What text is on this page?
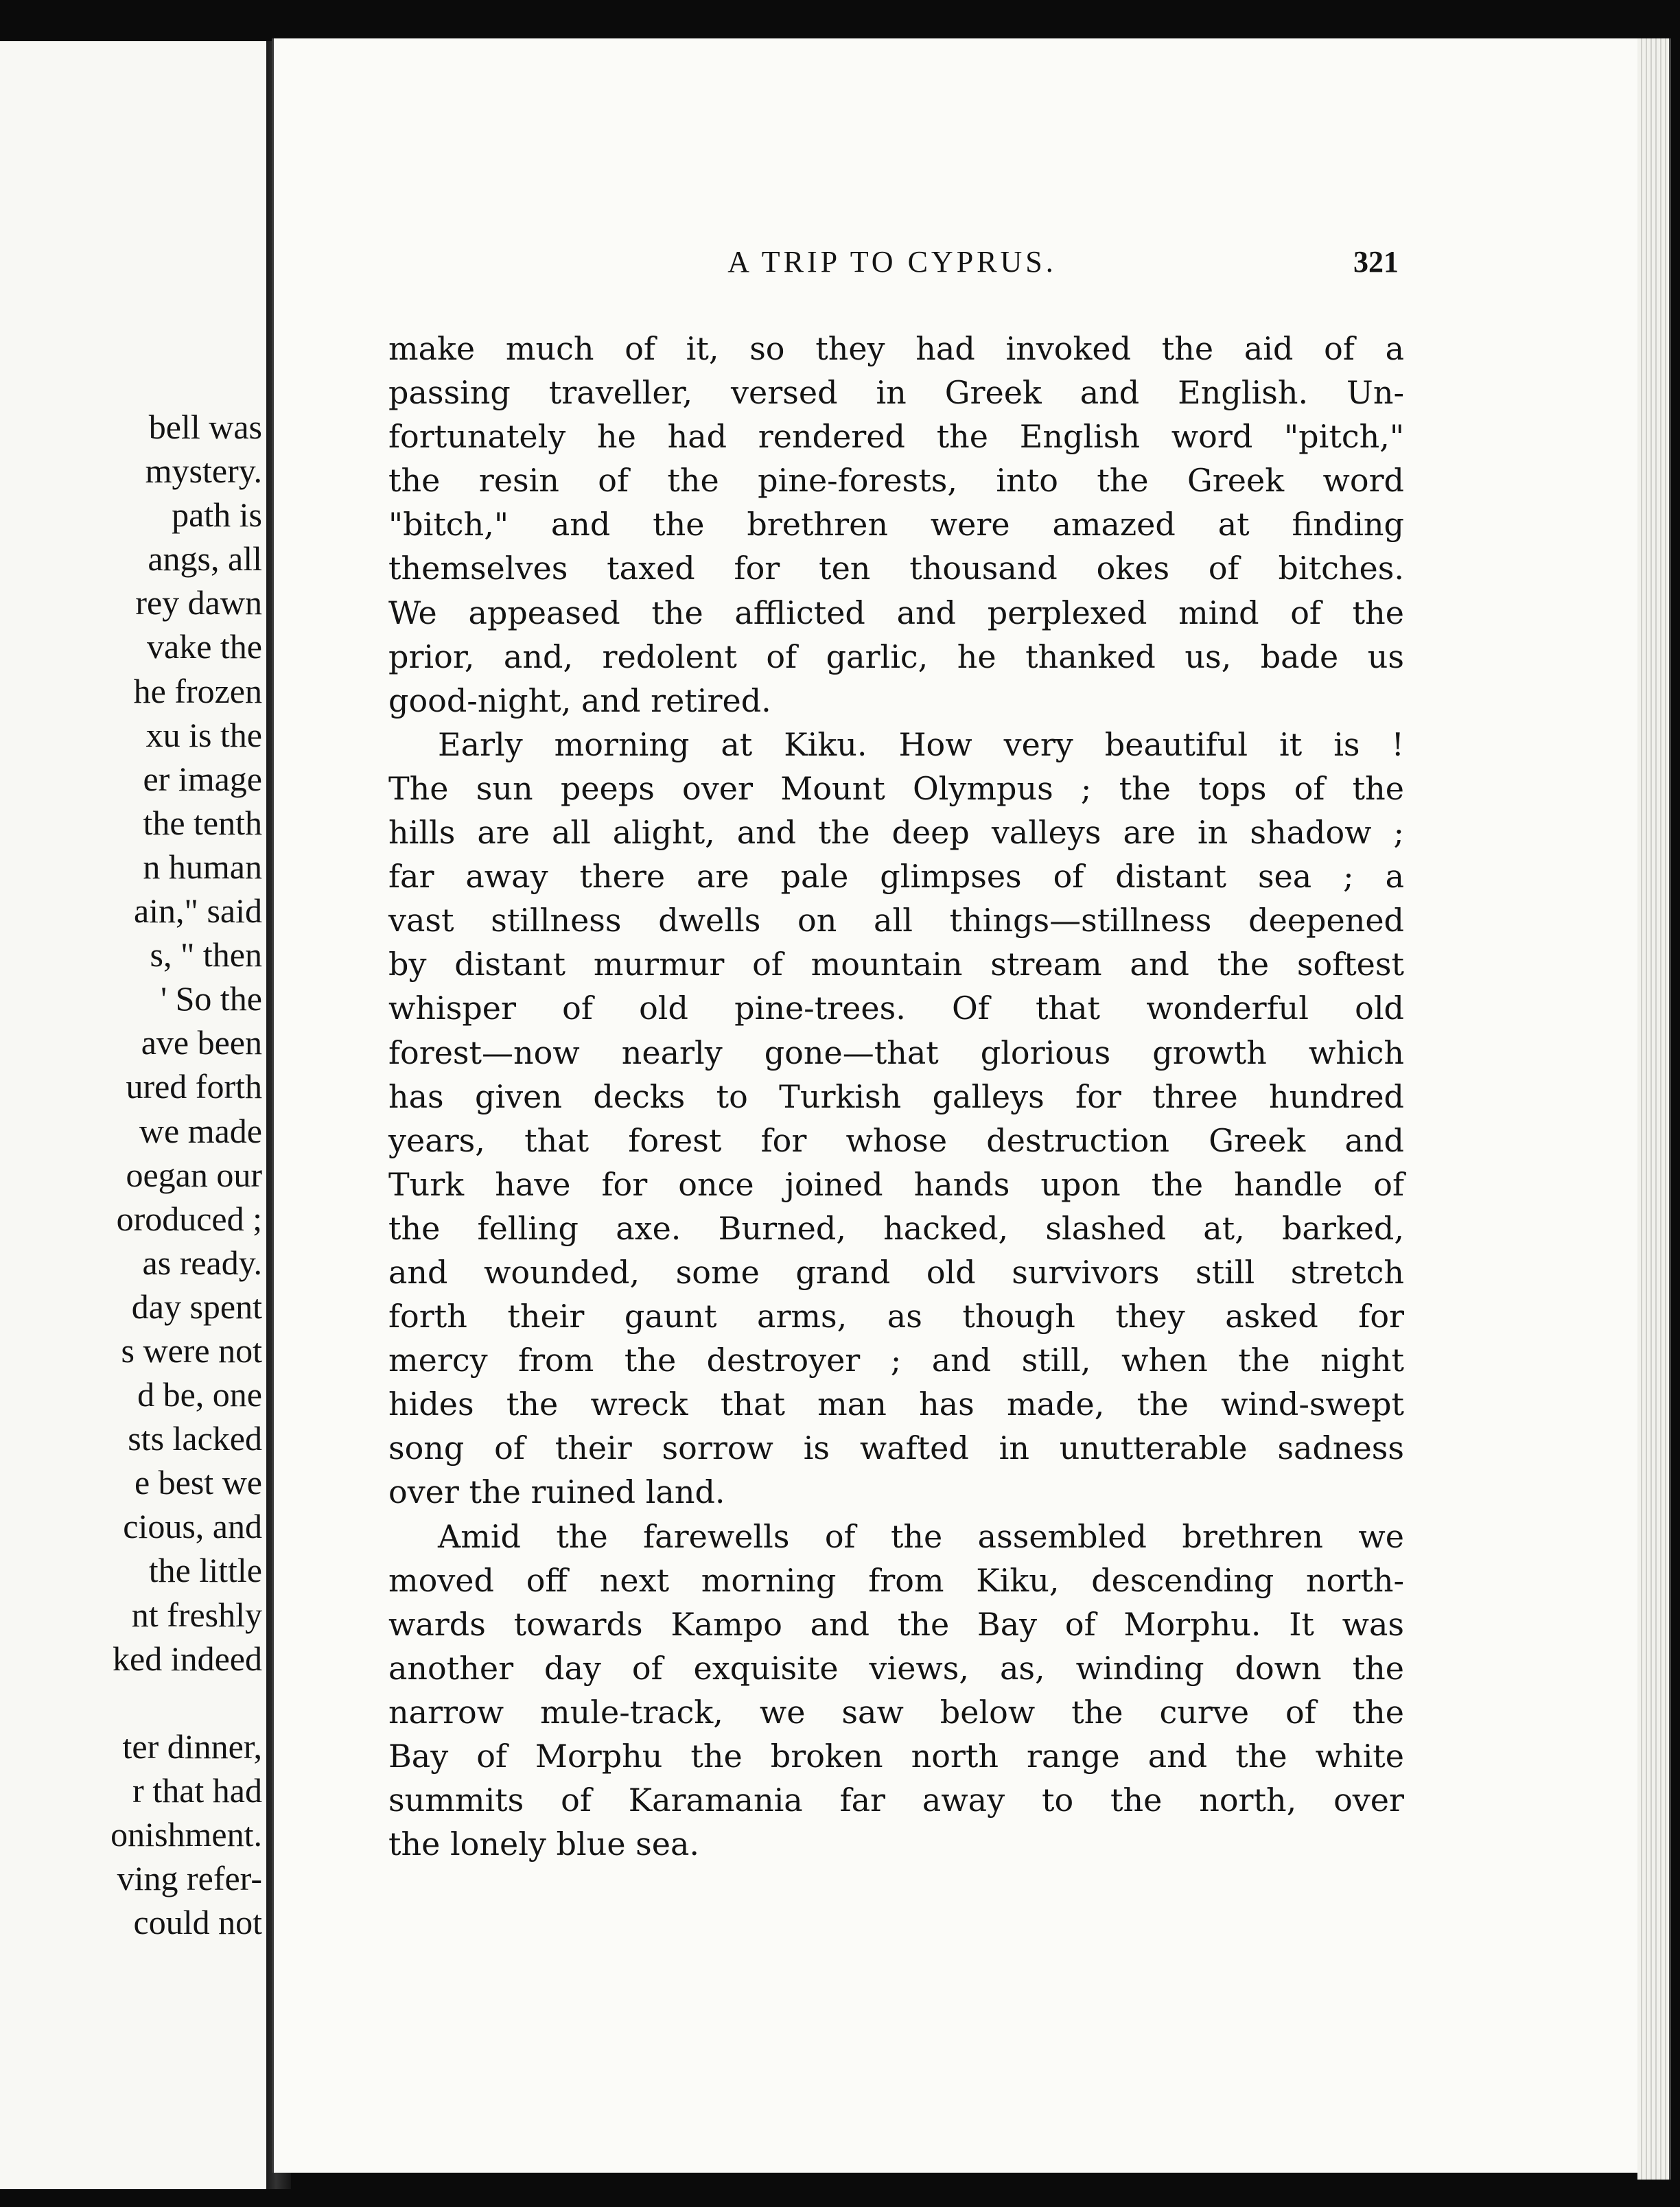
bell was
mystery.
path is
angs, all
rey dawn
vake the
he frozen
xu is the
er image
the tenth
n human
ain," said
s, " then
' So the
ave been
ured forth
we made
oegan our
oroduced ;
as ready.
day spent
s were not
d be, one
sts lacked
e best we
cious, and
the little
nt freshly
ked indeed
ter dinner,
r that had
onishment.
ving refer-
could not
A TRIP TO CYPRUS.	321
make much of it, so they had invoked the aid of a
passing traveller, versed in Greek and English. Un-
fortunately he had rendered the English word "pitch,"
the resin of the pine-forests, into the Greek word
"bitch," and the brethren were amazed at finding
themselves taxed for ten thousand okes of bitches.
We appeased the afflicted and perplexed mind of the
prior, and, redolent of garlic, he thanked us, bade us
good-night, and retired.
Early morning at Kiku. How very beautiful it is !
The sun peeps over Mount Olympus ; the tops of the
hills are all alight, and the deep valleys are in shadow ;
far away there are pale glimpses of distant sea ; a
vast stillness dwells on all things—stillness deepened
by distant murmur of mountain stream and the softest
whisper of old pine-trees. Of that wonderful old
forest—now nearly gone—that glorious growth which
has given decks to Turkish galleys for three hundred
years, that forest for whose destruction Greek and
Turk have for once joined hands upon the handle of
the felling axe. Burned, hacked, slashed at, barked,
and wounded, some grand old survivors still stretch
forth their gaunt arms, as though they asked for
mercy from the destroyer ; and still, when the night
hides the wreck that man has made, the wind-swept
song of their sorrow is wafted in unutterable sadness
over the ruined land.
Amid the farewells of the assembled brethren we
moved off next morning from Kiku, descending north-
wards towards Kampo and the Bay of Morphu. It was
another day of exquisite views, as, winding down the
narrow mule-track, we saw below the curve of the
Bay of Morphu the broken north range and the white
summits of Karamania far away to the north, over
the lonely blue sea.
